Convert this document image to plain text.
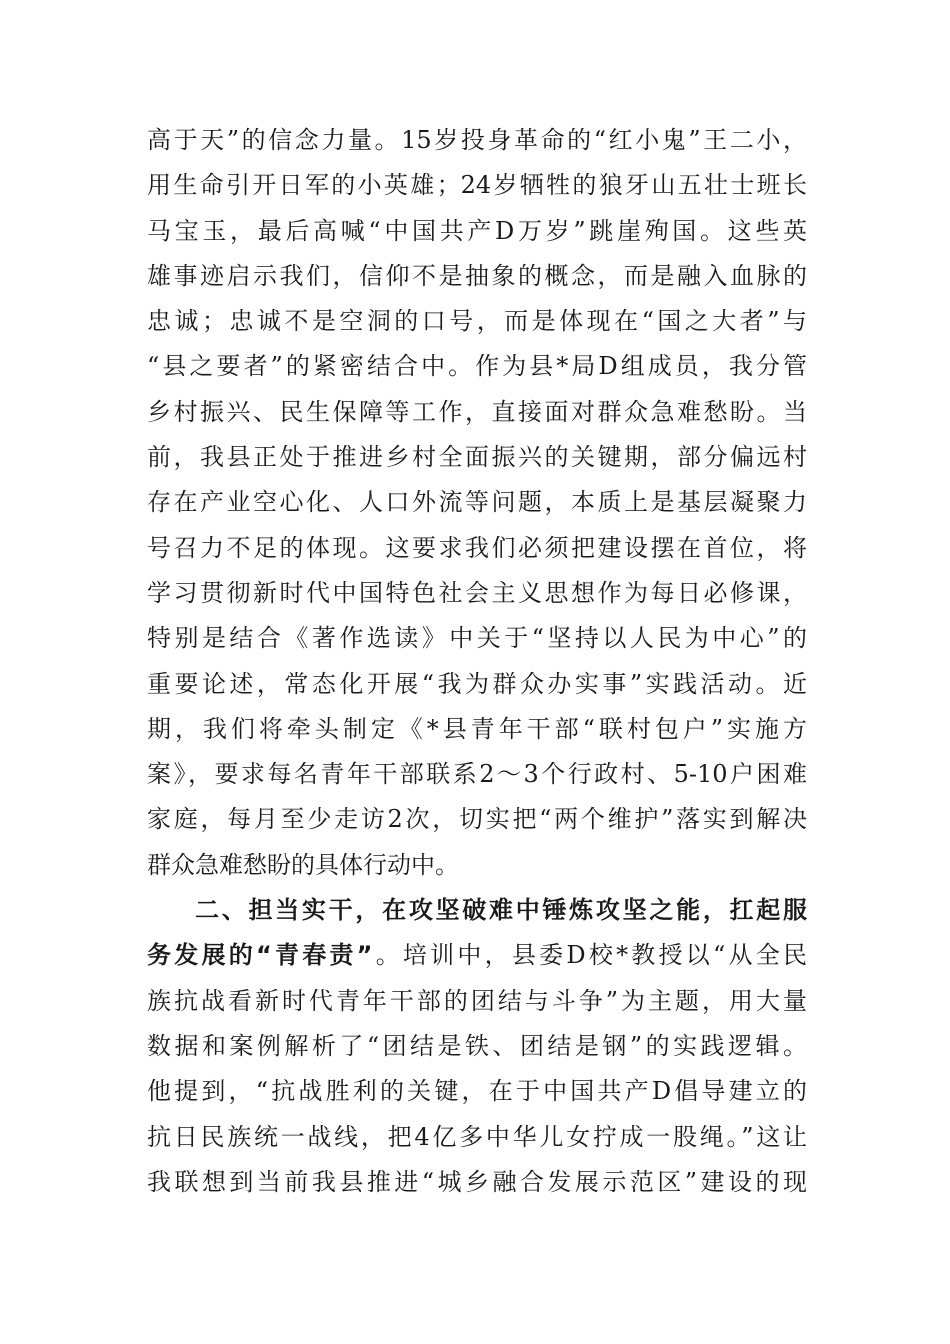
高于天”的信念力量。15岁投身革命的“红小鬼”王二小，
用生命引开日军的小英雄；24岁牺牲的狼牙山五壮士班长
马宝玉，最后高喊“中国共产D万岁”跳崖殉国。这些英
雄事迹启示我们，信仰不是抽象的概念，而是融入血脉的
忠诚；忠诚不是空洞的口号，而是体现在“国之大者”与
“县之要者”的紧密结合中。作为县*局D组成员，我分管
乡村振兴、民生保障等工作，直接面对群众急难愁盼。当
前，我县正处于推进乡村全面振兴的关键期，部分偏远村
存在产业空心化、人口外流等问题，本质上是基层凝聚力
号召力不足的体现。这要求我们必须把建设摆在首位，将
学习贯彻新时代中国特色社会主义思想作为每日必修课，
特别是结合《著作选读》中关于“坚持以人民为中心”的
重要论述，常态化开展“我为群众办实事”实践活动。近
期，我们将牵头制定《*县青年干部“联村包户”实施方
案》，要求每名青年干部联系2～3个行政村、5-10户困难
家庭，每月至少走访2次，切实把“两个维护”落实到解决
群众急难愁盼的具体行动中。
二、担当实干，在攻坚破难中锤炼攻坚之能，扛起服
务发展的“青春责”。培训中，县委D校*教授以“从全民
族抗战看新时代青年干部的团结与斗争”为主题，用大量
数据和案例解析了“团结是铁、团结是钢”的实践逻辑。
他提到，“抗战胜利的关键，在于中国共产D倡导建立的
抗日民族统一战线，把4亿多中华儿女拧成一股绳。”这让
我联想到当前我县推进“城乡融合发展示范区”建设的现
